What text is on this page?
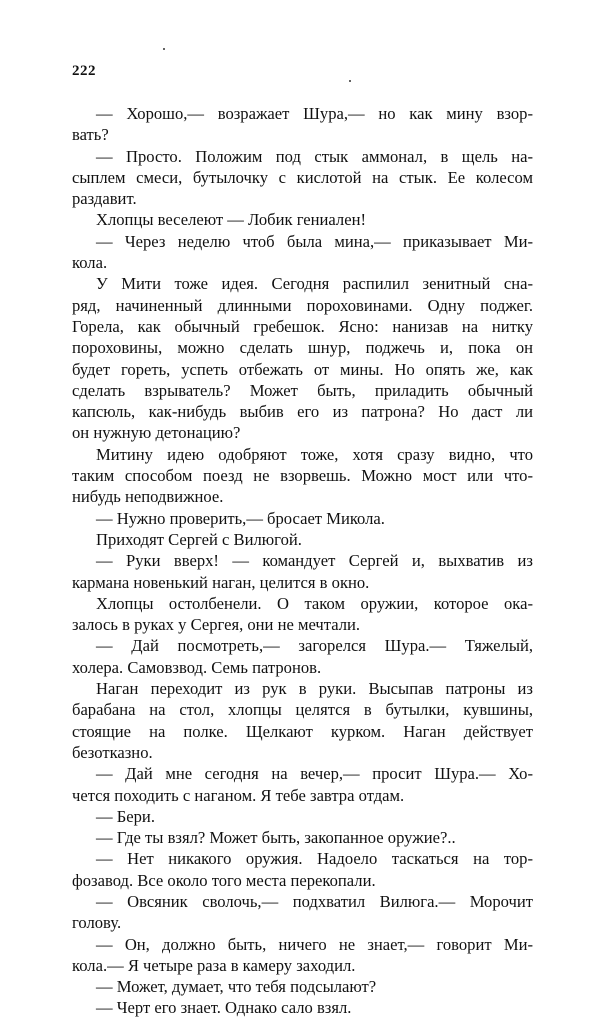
222
— Хорошо,— возражает Шура,— но как мину взор-
вать?
— Просто. Положим под стык аммонал, в щель на-
сыплем смеси, бутылочку с кислотой на стык. Ее колесом
раздавит.
Хлопцы веселеют — Лобик гениален!
— Через неделю чтоб была мина,— приказывает Ми-
кола.
У Мити тоже идея. Сегодня распилил зенитный сна-
ряд, начиненный длинными пороховинами. Одну поджег.
Горела, как обычный гребешок. Ясно: нанизав на нитку
пороховины, можно сделать шнур, поджечь и, пока он
будет гореть, успеть отбежать от мины. Но опять же, как
сделать взрыватель? Может быть, приладить обычный
капсюль, как-нибудь выбив его из патрона? Но даст ли
он нужную детонацию?
Митину идею одобряют тоже, хотя сразу видно, что
таким способом поезд не взорвешь. Можно мост или что-
нибудь неподвижное.
— Нужно проверить,— бросает Микола.
Приходят Сергей с Вилюгой.
— Руки вверх! — командует Сергей и, выхватив из
кармана новенький наган, целится в окно.
Хлопцы остолбенели. О таком оружии, которое ока-
залось в руках у Сергея, они не мечтали.
— Дай посмотреть,— загорелся Шура.— Тяжелый,
холера. Самовзвод. Семь патронов.
Наган переходит из рук в руки. Высыпав патроны из
барабана на стол, хлопцы целятся в бутылки, кувшины,
стоящие на полке. Щелкают курком. Наган действует
безотказно.
— Дай мне сегодня на вечер,— просит Шура.— Хо-
чется походить с наганом. Я тебе завтра отдам.
— Бери.
— Где ты взял? Может быть, закопанное оружие?..
— Нет никакого оружия. Надоело таскаться на тор-
фозавод. Все около того места перекопали.
— Овсяник сволочь,— подхватил Вилюга.— Морочит
голову.
— Он, должно быть, ничего не знает,— говорит Ми-
кола.— Я четыре раза в камеру заходил.
— Может, думает, что тебя подсылают?
— Черт его знает. Однако сало взял.
